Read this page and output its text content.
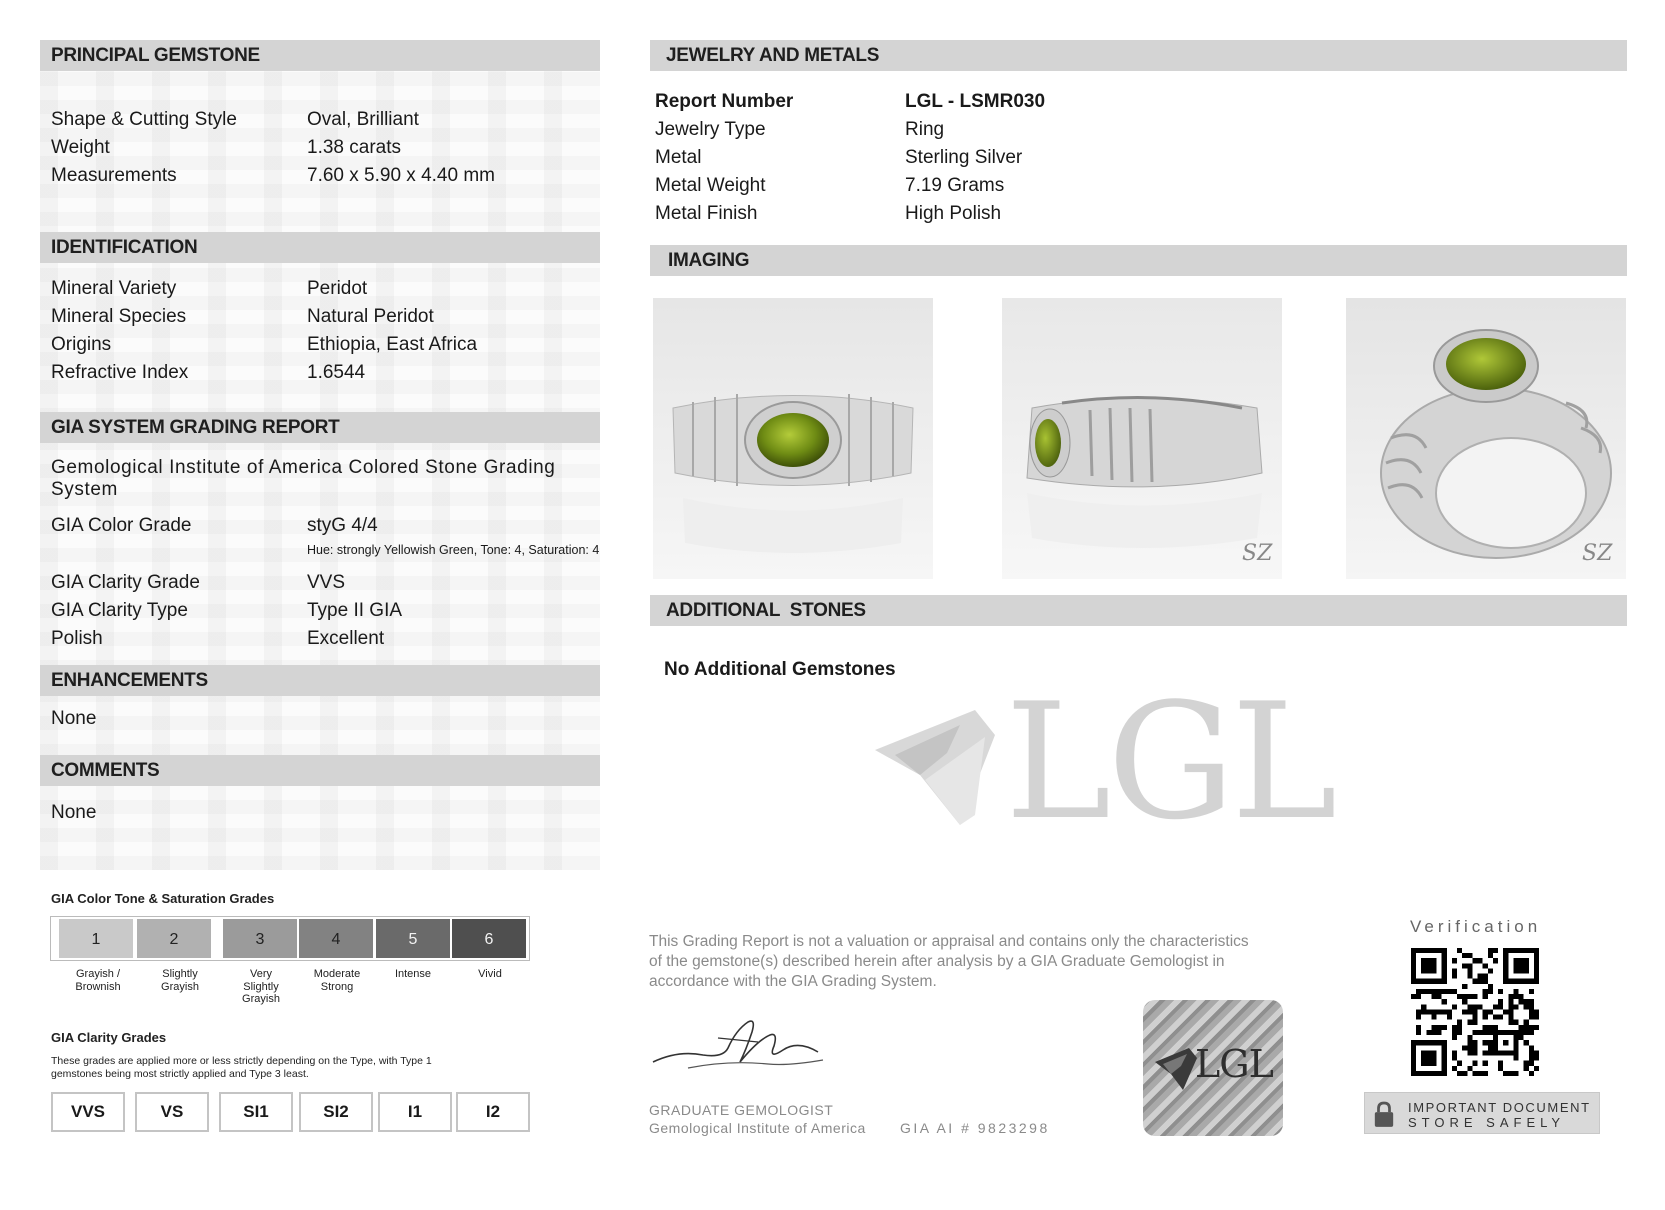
PRINCIPAL GEMSTONE
Shape & Cutting Style	Oval, Brilliant
Weight	1.38 carats
Measurements	7.60 x 5.90 x 4.40 mm
IDENTIFICATION
Mineral Variety	Peridot
Mineral Species	Natural Peridot
Origins	Ethiopia, East Africa
Refractive Index	1.6544
GIA SYSTEM GRADING REPORT
Gemological Institute of America Colored Stone Grading
System
GIA Color Grade	styG 4/4
Hue: strongly Yellowish Green, Tone: 4, Saturation: 4
GIA Clarity Grade	VVS
GIA Clarity Type	Type II GIA
Polish	Excellent
ENHANCEMENTS
None
COMMENTS
None
GIA Color Tone & Saturation Grades
1
Grayish /
Brownish
2
Slightly
Grayish
3
Very
Slightly
Grayish
4
Moderate
Strong
5
Intense
6
Vivid
GIA Clarity Grades
These grades are applied more or less strictly depending on the Type, with Type 1
gemstones being most strictly applied and Type 3 least.
VVS	VS	SI1	SI2	I1	I2
JEWELRY AND METALS
Report Number	LGL - LSMR030
Jewelry Type	Ring
Metal	Sterling Silver
Metal Weight	7.19 Grams
Metal Finish	High Polish
IMAGING
SZ	SZ
ADDITIONAL  STONES
No Additional Gemstones LGL
This Grading Report is not a valuation or appraisal and contains only the characteristics
of the gemstone(s) described herein after analysis by a GIA Graduate Gemologist in
accordance with the GIA Grading System.
GRADUATE GEMOLOGIST
Gemological Institute of America GIA AI # 9823298
LGL
Verification
IMPORTANT DOCUMENT
STORE SAFELY
